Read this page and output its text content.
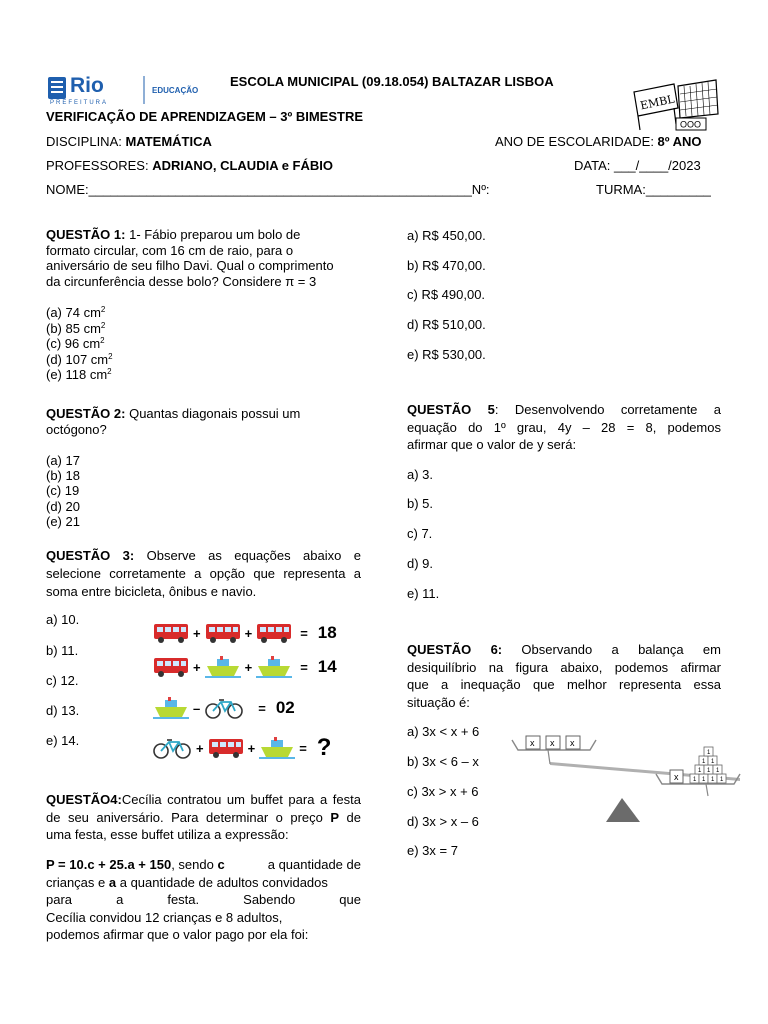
Rio
PREFEITURA
EDUCAÇÃO
OOO
EMBL
ESCOLA MUNICIPAL (09.18.054) BALTAZAR LISBOA
VERIFICAÇÃO DE APRENDIZAGEM – 3º BIMESTRE
DISCIPLINA: MATEMÁTICA	ANO DE ESCOLARIDADE: 8º ANO
PROFESSORES: ADRIANO, CLAUDIA e FÁBIO	DATA: ___/____/2023
NOME:_____________________________________________________Nº:	TURMA:_________
QUESTÃO 1: 1- Fábio preparou um bolo de
formato circular, com 16 cm de raio, para o
aniversário de seu filho Davi. Qual o comprimento
da circunferência desse bolo? Considere π = 3
(a) 74 $cm^2$
(b) 85 $cm^2$
(c) 96 $cm^2$
(d) 107 $cm^2$
(e) 118 $cm^2$
QUESTÃO 2: Quantas diagonais possui um
octógono?
(a) 17
(b) 18
(c) 19
(d) 20
(e) 21
QUESTÃO 3: Observe as equações abaixo e
selecione corretamente a opção que representa a
soma entre bicicleta, ônibus e navio.
a) 10.
b) 11.
c) 12.
d) 13.
e) 14.
+	+	= 18
+	+	= 14
–	= 02
+	+	= ?
QUESTÃO4:Cecília contratou um buffet para a festa
de seu aniversário. Para determinar o preço P de
uma festa, esse buffet utiliza a expressão:
P = 10.c + 25.a + 150, sendo c	a quantidade de
crianças e a a quantidade de adultos convidados
para	a	festa.	Sabendo	que
Cecília convidou 12 crianças e 8 adultos,
podemos afirmar que o valor pago por ela foi:
a) R$ 450,00.
b) R$ 470,00.
c) R$ 490,00.
d) R$ 510,00.
e) R$ 530,00.
QUESTÃO 5: Desenvolvendo corretamente a
equação do 1º grau, 4y – 28 = 8, podemos
afirmar que o valor de y será:
a) 3.
b) 5.
c) 7.
d) 9.
e) 11.
QUESTÃO 6: Observando a balança em
desiquilíbrio na figura abaixo, podemos afirmar
que a inequação que melhor representa essa
situação é:
a) 3x < x + 6
b) 3x < 6 – x
c) 3x > x + 6
d) 3x > x – 6
e) 3x = 7
x x x
x 1 1 1 1
1 1 1
1 1
1
